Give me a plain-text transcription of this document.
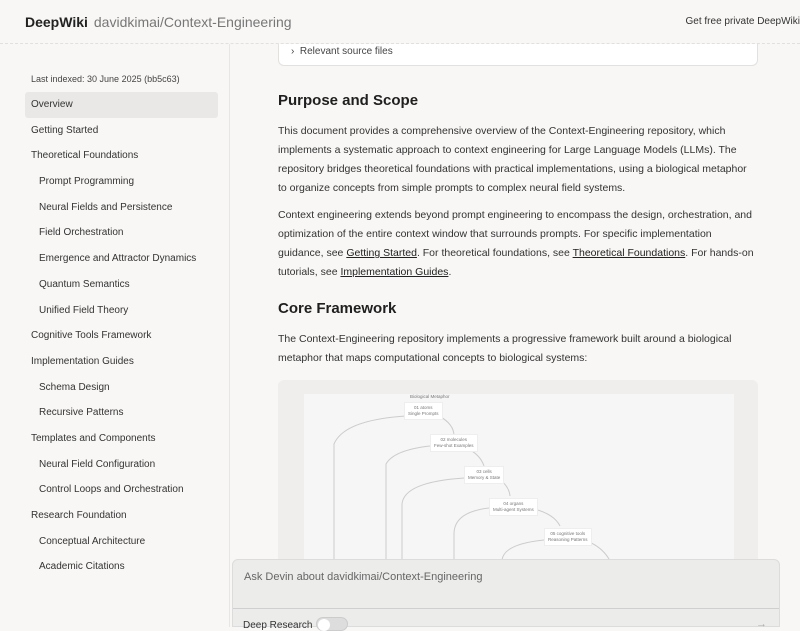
DeepWiki davidkimai/Context-Engineering	Get free private DeepWiki
Last indexed: 30 June 2025 (bb5c63)
Overview
Getting Started
Theoretical Foundations
Prompt Programming
Neural Fields and Persistence
Field Orchestration
Emergence and Attractor Dynamics
Quantum Semantics
Unified Field Theory
Cognitive Tools Framework
Implementation Guides
Schema Design
Recursive Patterns
Templates and Components
Neural Field Configuration
Control Loops and Orchestration
Research Foundation
Conceptual Architecture
Academic Citations
›  Relevant source files
Purpose and Scope

This document provides a comprehensive overview of the Context-Engineering repository, which implements a systematic approach to context engineering for Large Language Models (LLMs). The repository bridges theoretical foundations with practical implementations, using a biological metaphor to organize concepts from simple prompts to complex neural field systems.

Context engineering extends beyond prompt engineering to encompass the design, orchestration, and optimization of the entire context window that surrounds prompts. For specific implementation guidance, see Getting Started. For theoretical foundations, see Theoretical Foundations. For hands-on tutorials, see Implementation Guides.

Core Framework

The Context-Engineering repository implements a progressive framework built around a biological metaphor that maps computational concepts to biological systems:

Biological Metaphor
01 atoms
Single Prompts
02 molecules
Few-shot Examples
03 cells
Memory & State
04 organs
Multi-agent Systems
05 cognitive tools
Reasoning Patterns
Ask Devin about davidkimai/Context-Engineering
Deep Research	→
